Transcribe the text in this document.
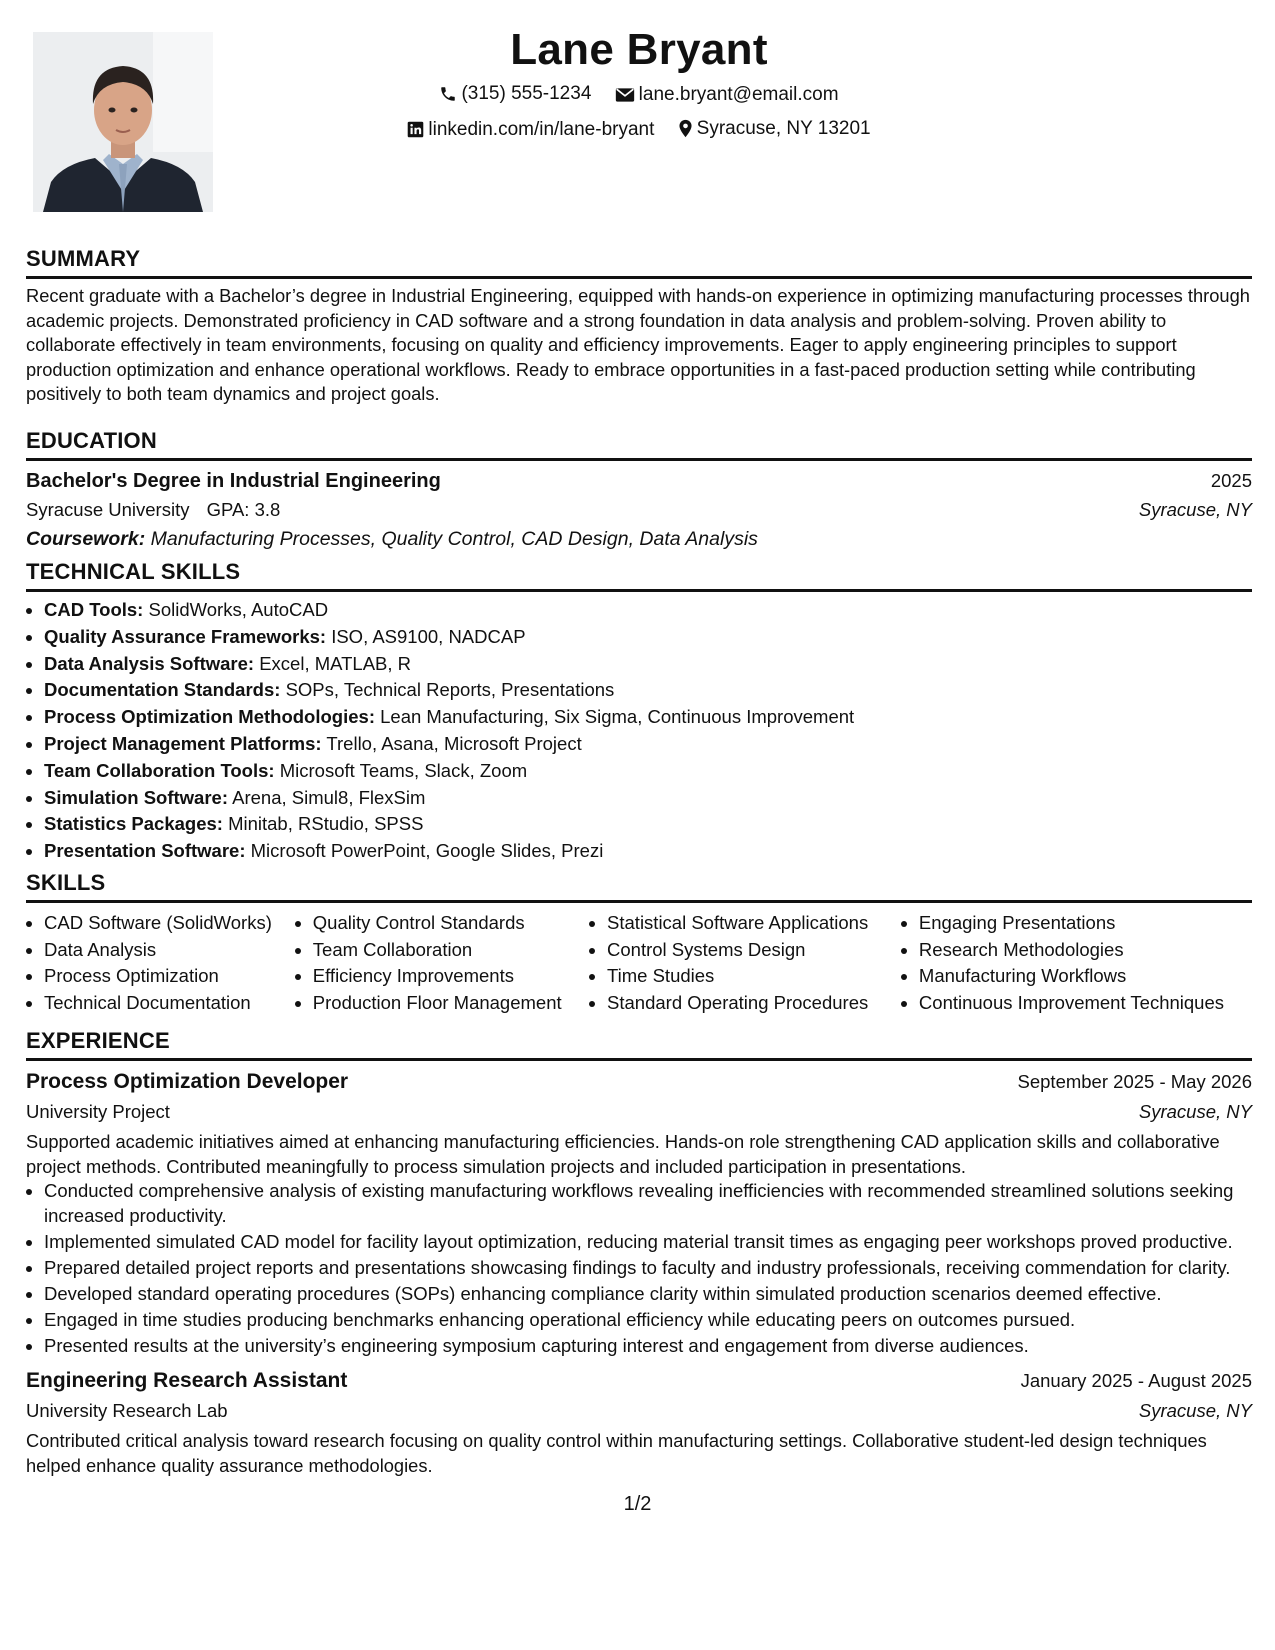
Lane Bryant
(315) 555-1234
lane.bryant@email.com
linkedin.com/in/lane-bryant
Syracuse, NY 13201
SUMMARY

Recent graduate with a Bachelor’s degree in Industrial Engineering, equipped with hands-on experience in optimizing manufacturing processes through academic projects. Demonstrated proficiency in CAD software and a strong foundation in data analysis and problem-solving. Proven ability to collaborate effectively in team environments, focusing on quality and efficiency improvements. Eager to apply engineering principles to support production optimization and enhance operational workflows. Ready to embrace opportunities in a fast-paced production setting while contributing positively to both team dynamics and project goals.

EDUCATION
Bachelor's Degree in Industrial Engineering	2025
Syracuse University GPA: 3.8	Syracuse, NY
Coursework: Manufacturing Processes, Quality Control, CAD Design, Data Analysis
TECHNICAL SKILLS
• CAD Tools: SolidWorks, AutoCAD
• Quality Assurance Frameworks: ISO, AS9100, NADCAP
• Data Analysis Software: Excel, MATLAB, R
• Documentation Standards: SOPs, Technical Reports, Presentations
• Process Optimization Methodologies: Lean Manufacturing, Six Sigma, Continuous Improvement
• Project Management Platforms: Trello, Asana, Microsoft Project
• Team Collaboration Tools: Microsoft Teams, Slack, Zoom
• Simulation Software: Arena, Simul8, FlexSim
• Statistics Packages: Minitab, RStudio, SPSS
• Presentation Software: Microsoft PowerPoint, Google Slides, Prezi
SKILLS
• CAD Software (SolidWorks)
• Data Analysis
• Process Optimization
• Technical Documentation
• Quality Control Standards
• Team Collaboration
• Efficiency Improvements
• Production Floor Management
• Statistical Software Applications
• Control Systems Design
• Time Studies
• Standard Operating Procedures
• Engaging Presentations
• Research Methodologies
• Manufacturing Workflows
• Continuous Improvement Techniques
EXPERIENCE
Process Optimization Developer	September 2025 - May 2026
University Project	Syracuse, NY

Supported academic initiatives aimed at enhancing manufacturing efficiencies. Hands-on role strengthening CAD application skills and collaborative project methods. Contributed meaningfully to process simulation projects and included participation in presentations.

• Conducted comprehensive analysis of existing manufacturing workflows revealing inefficiencies with recommended streamlined solutions seeking increased productivity.
• Implemented simulated CAD model for facility layout optimization, reducing material transit times as engaging peer workshops proved productive.
• Prepared detailed project reports and presentations showcasing findings to faculty and industry professionals, receiving commendation for clarity.
• Developed standard operating procedures (SOPs) enhancing compliance clarity within simulated production scenarios deemed effective.
• Engaged in time studies producing benchmarks enhancing operational efficiency while educating peers on outcomes pursued.
• Presented results at the university’s engineering symposium capturing interest and engagement from diverse audiences.
Engineering Research Assistant	January 2025 - August 2025
University Research Lab	Syracuse, NY

Contributed critical analysis toward research focusing on quality control within manufacturing settings. Collaborative student-led design techniques helped enhance quality assurance methodologies.

1/2
